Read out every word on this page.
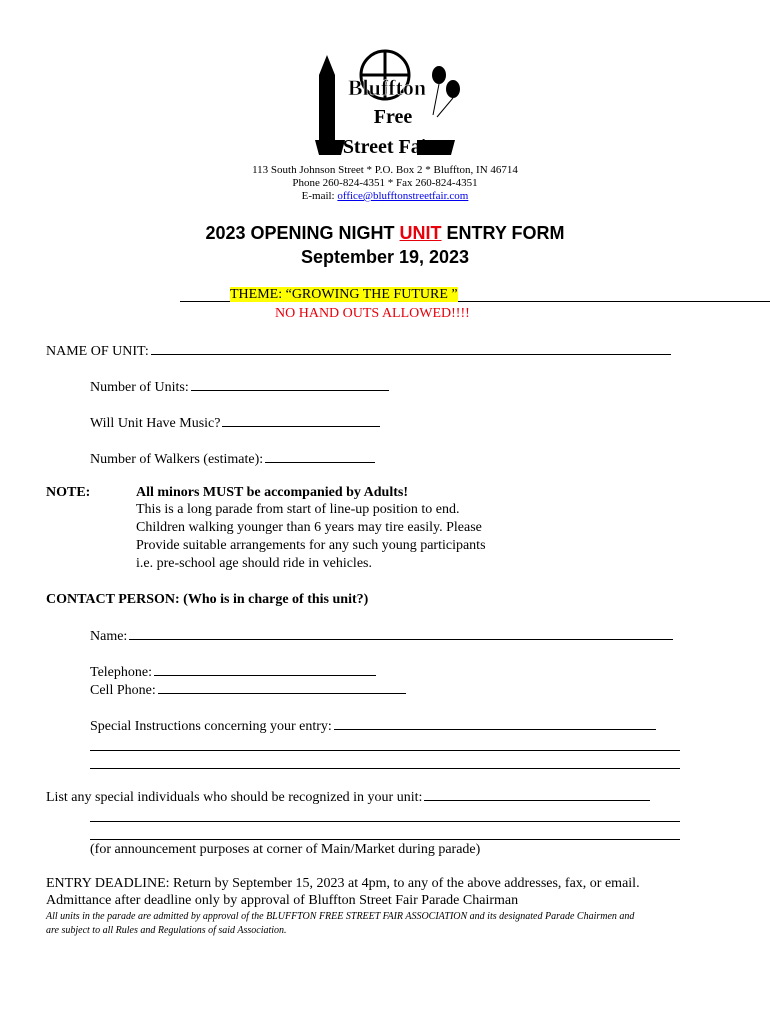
Bluffton
Free
Street Fair
113 South Johnson Street * P.O. Box 2 * Bluffton, IN 46714
Phone 260-824-4351 * Fax 260-824-4351
E-mail: office@blufftonstreetfair.com
2023 OPENING NIGHT UNIT ENTRY FORM
September 19, 2023
THEME: “GROWING THE FUTURE ”
NO HAND OUTS ALLOWED!!!!
NAME OF UNIT:
Number of Units:
Will Unit Have Music?
Number of Walkers (estimate):
NOTE:	All minors MUST be accompanied by Adults!
This is a long parade from start of line-up position to end.
Children walking younger than 6 years may tire easily. Please
Provide suitable arrangements for any such young participants
i.e. pre-school age should ride in vehicles.
CONTACT PERSON: (Who is in charge of this unit?)
Name:
Telephone:
Cell Phone:
Special Instructions concerning your entry:
List any special individuals who should be recognized in your unit:
(for announcement purposes at corner of Main/Market during parade)
ENTRY DEADLINE: Return by September 15, 2023 at 4pm, to any of the above addresses, fax, or email.
Admittance after deadline only by approval of Bluffton Street Fair Parade Chairman
All units in the parade are admitted by approval of the BLUFFTON FREE STREET FAIR ASSOCIATION and its designated Parade Chairmen and
are subject to all Rules and Regulations of said Association.
